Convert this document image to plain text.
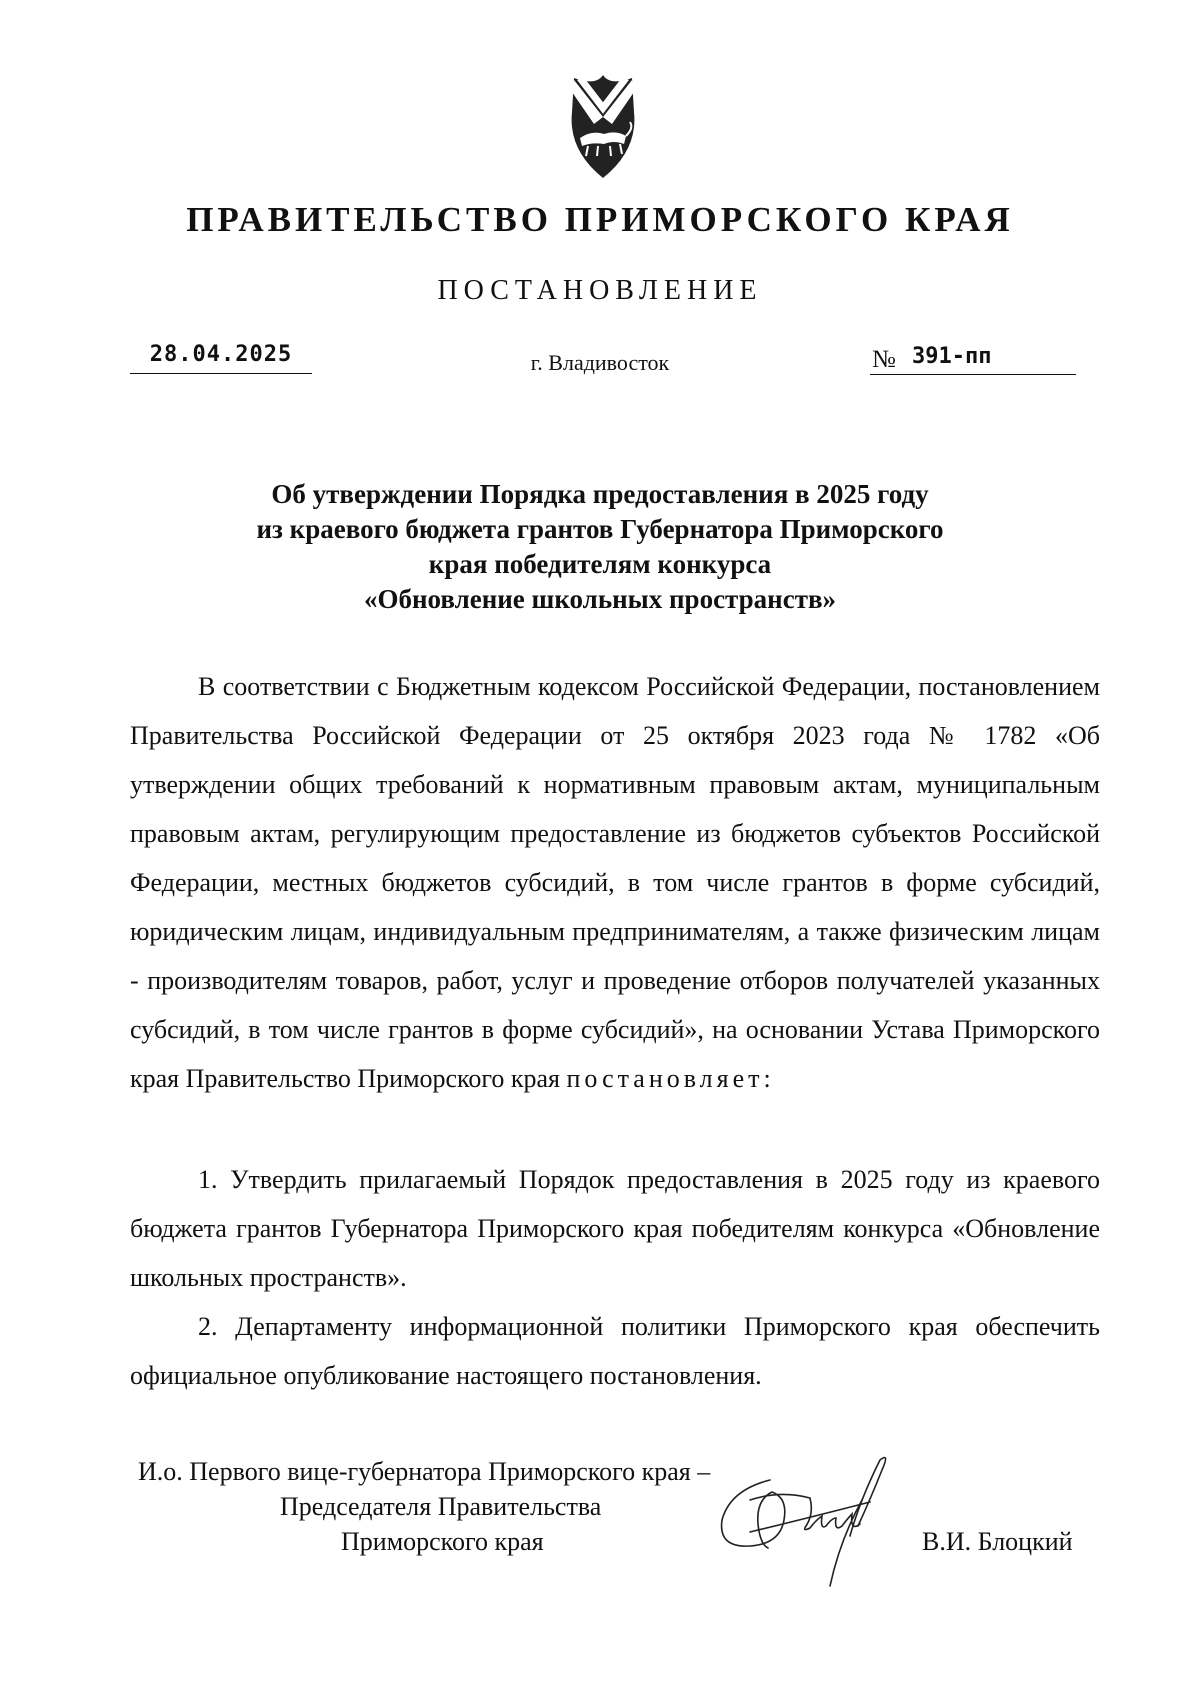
ПРАВИТЕЛЬСТВО ПРИМОРСКОГО КРАЯ
ПОСТАНОВЛЕНИЕ
28.04.2025	г. Владивосток	№ 391-пп
Об утверждении Порядка предоставления в 2025 году
из краевого бюджета грантов Губернатора Приморского
края победителям конкурса
«Обновление школьных пространств»
В соответствии с Бюджетным кодексом Российской Федерации, постановлением Правительства Российской Федерации от 25 октября 2023 года № 1782 «Об утверждении общих требований к нормативным правовым актам, муниципальным правовым актам, регулирующим предоставление из бюджетов субъектов Российской Федерации, местных бюджетов субсидий, в том числе грантов в форме субсидий, юридическим лицам, индивидуальным предпринимателям, а также физическим лицам - производителям товаров, работ, услуг и проведение отборов получателей указанных субсидий, в том числе грантов в форме субсидий», на основании Устава Приморского края Правительство Приморского края постановляет:
1. Утвердить прилагаемый Порядок предоставления в 2025 году из краевого бюджета грантов Губернатора Приморского края победителям конкурса «Обновление школьных пространств».
2. Департаменту информационной политики Приморского края обеспечить официальное опубликование настоящего постановления.
И.о. Первого вице-губернатора Приморского края –
Председателя Правительства
Приморского края	В.И. Блоцкий
